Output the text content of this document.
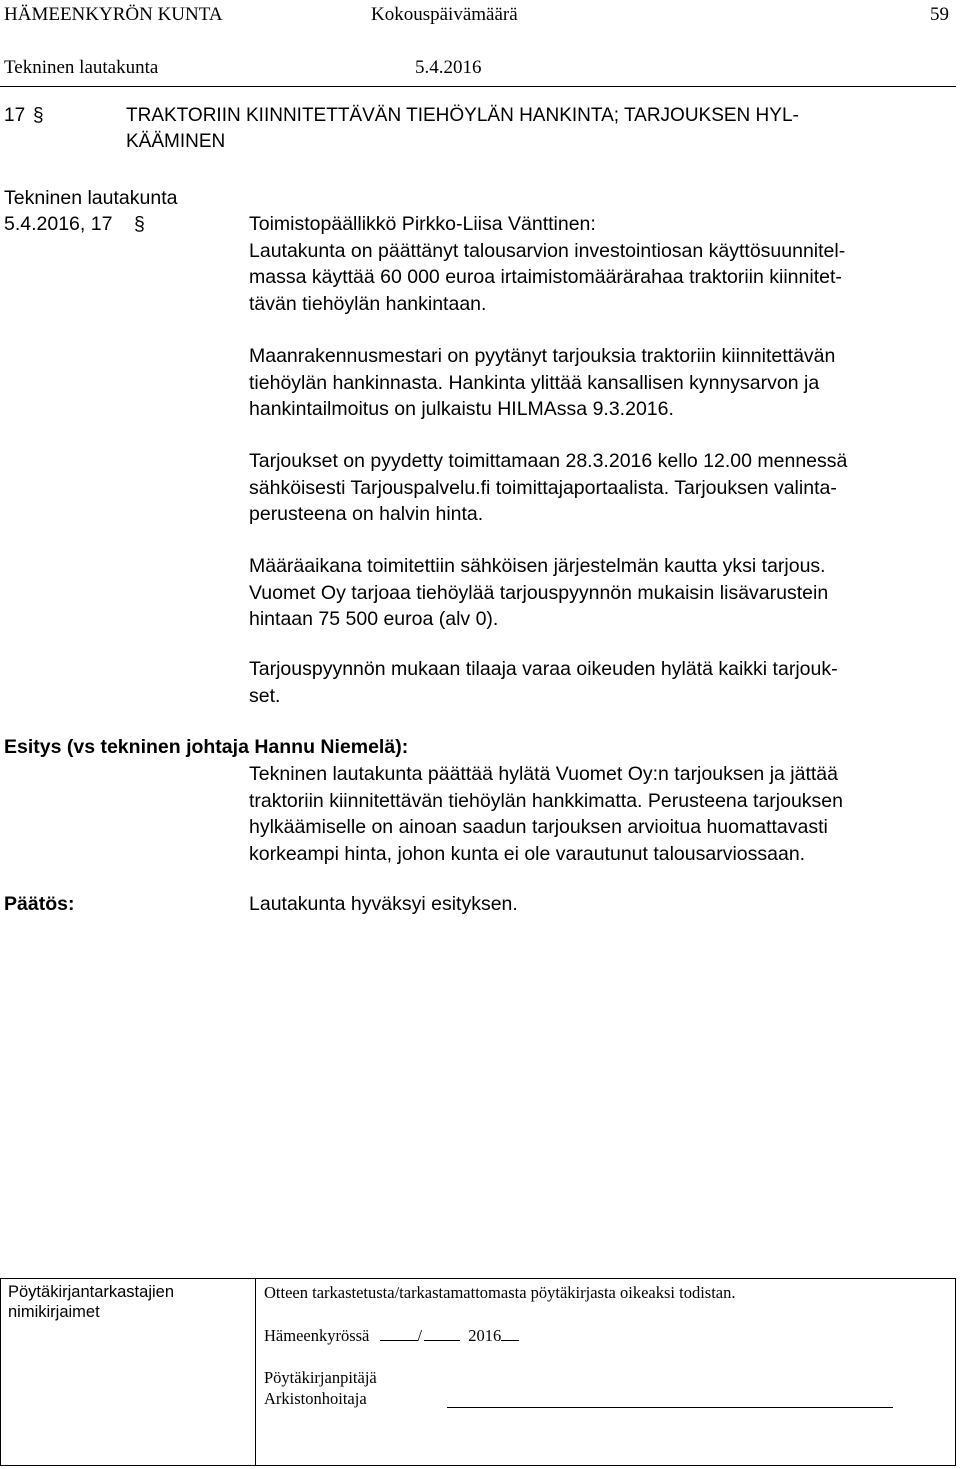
HÄMEENKYRÖN KUNTA	Kokouspäivämäärä	59
Tekninen lautakunta	5.4.2016
17 §	TRAKTORIIN KIINNITETTÄVÄN TIEHÖYLÄN HANKINTA; TARJOUKSEN HYL-
KÄÄMINEN
Tekninen lautakunta
5.4.2016, 17 §	Toimistopäällikkö Pirkko-Liisa Vänttinen:
Lautakunta on päättänyt talousarvion investointiosan käyttösuunnitel-
massa käyttää 60 000 euroa irtaimistomäärärahaa traktoriin kiinnitet-
tävän tiehöylän hankintaan.
Maanrakennusmestari on pyytänyt tarjouksia traktoriin kiinnitettävän
tiehöylän hankinnasta. Hankinta ylittää kansallisen kynnysarvon ja
hankintailmoitus on julkaistu HILMAssa 9.3.2016.
Tarjoukset on pyydetty toimittamaan 28.3.2016 kello 12.00 mennessä
sähköisesti Tarjouspalvelu.fi toimittajaportaalista. Tarjouksen valinta-
perusteena on halvin hinta.
Määräaikana toimitettiin sähköisen järjestelmän kautta yksi tarjous.
Vuomet Oy tarjoaa tiehöylää tarjouspyynnön mukaisin lisävarustein
hintaan 75 500 euroa (alv 0).
Tarjouspyynnön mukaan tilaaja varaa oikeuden hylätä kaikki tarjouk-
set.
Esitys (vs tekninen johtaja Hannu Niemelä):
Tekninen lautakunta päättää hylätä Vuomet Oy:n tarjouksen ja jättää
traktoriin kiinnitettävän tiehöylän hankkimatta. Perusteena tarjouksen
hylkäämiselle on ainoan saadun tarjouksen arvioitua huomattavasti
korkeampi hinta, johon kunta ei ole varautunut talousarviossaan.
Päätös:	Lautakunta hyväksyi esityksen.
Pöytäkirjantarkastajien
nimikirjaimet
Otteen tarkastetusta/tarkastamattomasta pöytäkirjasta oikeaksi todistan.
Hämeenkyrössä	/	2016
Pöytäkirjanpitäjä
Arkistonhoitaja
